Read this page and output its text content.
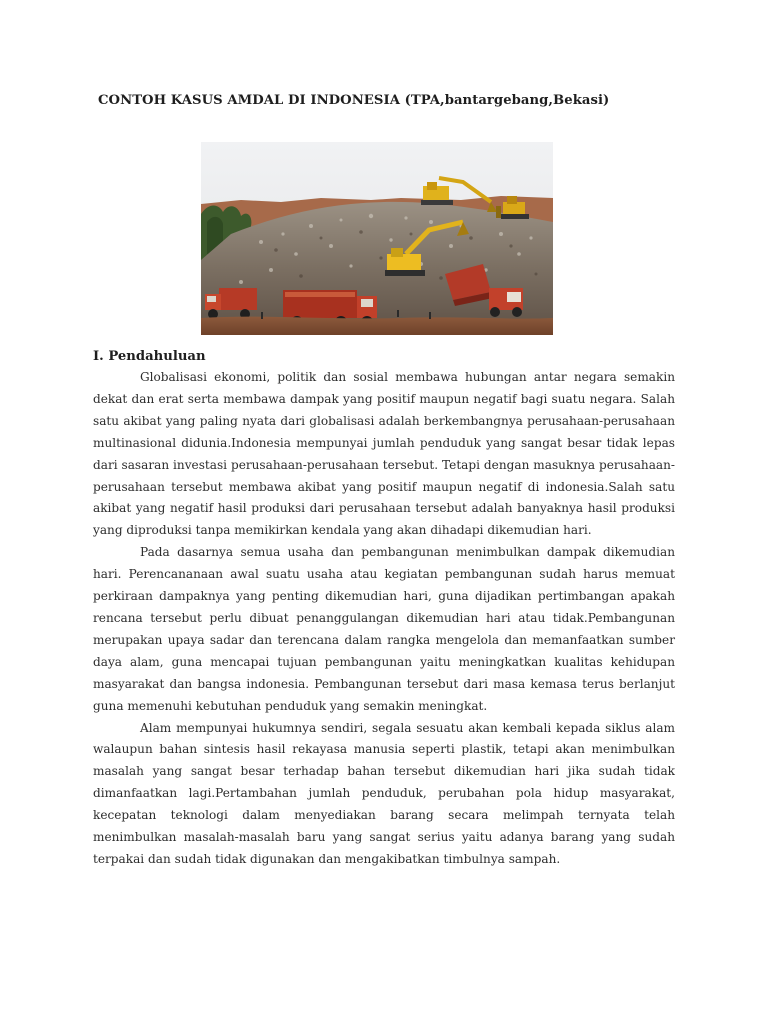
CONTOH KASUS AMDAL DI INDONESIA (TPA,bantargebang,Bekasi)
I. Pendahuluan

Globalisasi ekonomi, politik dan sosial membawa hubungan antar negara semakin dekat dan erat serta membawa dampak yang positif maupun negatif bagi suatu negara. Salah satu akibat yang paling nyata dari globalisasi adalah berkembangnya perusahaan-perusahaan multinasional didunia.Indonesia mempunyai jumlah penduduk yang sangat besar tidak lepas dari sasaran investasi perusahaan-perusahaan tersebut. Tetapi dengan masuknya perusahaan-perusahaan tersebut membawa akibat yang positif maupun negatif di indonesia.Salah satu akibat yang negatif hasil produksi dari perusahaan tersebut adalah banyaknya hasil produksi yang diproduksi tanpa memikirkan kendala yang akan dihadapi dikemudian hari.

Pada dasarnya semua usaha dan pembangunan menimbulkan dampak dikemudian hari. Perencananaan awal suatu usaha atau kegiatan pembangunan sudah harus memuat perkiraan dampaknya yang penting dikemudian hari, guna dijadikan pertimbangan apakah rencana tersebut perlu dibuat penanggulangan dikemudian hari atau tidak.Pembangunan merupakan upaya sadar dan terencana dalam rangka mengelola dan memanfaatkan sumber daya alam, guna mencapai tujuan pembangunan yaitu meningkatkan kualitas kehidupan masyarakat dan bangsa indonesia. Pembangunan tersebut dari masa kemasa terus berlanjut guna memenuhi kebutuhan penduduk yang semakin meningkat.

Alam mempunyai hukumnya sendiri, segala sesuatu akan kembali kepada siklus alam walaupun bahan sintesis hasil rekayasa manusia seperti plastik, tetapi akan menimbulkan masalah yang sangat besar terhadap bahan tersebut dikemudian hari jika sudah tidak dimanfaatkan lagi.Pertambahan jumlah penduduk, perubahan pola hidup masyarakat, kecepatan teknologi dalam menyediakan barang secara melimpah ternyata telah menimbulkan masalah-masalah baru yang sangat serius yaitu adanya barang yang sudah terpakai dan sudah tidak digunakan dan mengakibatkan timbulnya sampah.
